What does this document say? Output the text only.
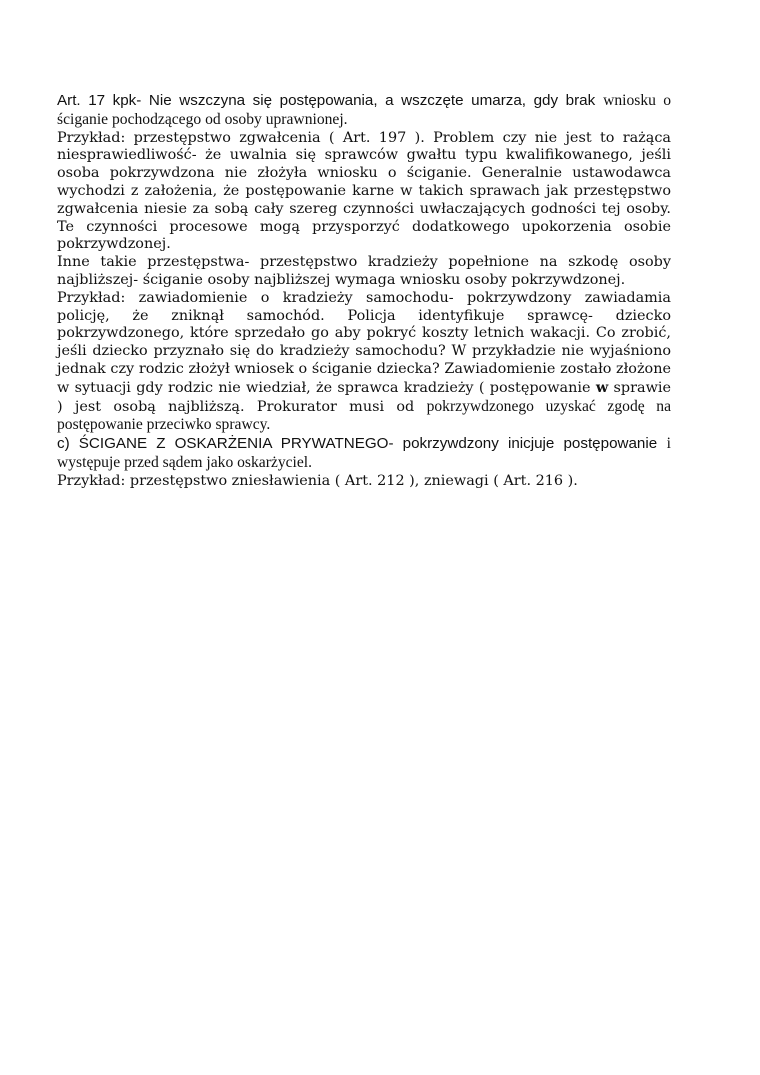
Art. 17 kpk- Nie wszczyna się postępowania, a wszczęte umarza, gdy brak wniosku o ściganie pochodzącego od osoby uprawnionej.

Przykład: przestępstwo zgwałcenia ( Art. 197 ). Problem czy nie jest to rażąca niesprawiedliwość- że uwalnia się sprawców gwałtu typu kwalifikowanego, jeśli osoba pokrzywdzona nie złożyła wniosku o ściganie. Generalnie ustawodawca wychodzi z założenia, że postępowanie karne w takich sprawach jak przestępstwo zgwałcenia niesie za sobą cały szereg czynności uwłaczających godności tej osoby. Te czynności procesowe mogą przysporzyć dodatkowego upokorzenia osobie pokrzywdzonej.

Inne takie przestępstwa- przestępstwo kradzieży popełnione na szkodę osoby najbliższej- ściganie osoby najbliższej wymaga wniosku osoby pokrzywdzonej.

Przykład: zawiadomienie o kradzieży samochodu- pokrzywdzony zawiadamia policję, że zniknął samochód. Policja identyfikuje sprawcę- dziecko pokrzywdzonego, które sprzedało go aby pokryć koszty letnich wakacji. Co zrobić, jeśli dziecko przyznało się do kradzieży samochodu? W przykładzie nie wyjaśniono jednak czy rodzic złożył wniosek o ściganie dziecka? Zawiadomienie zostało złożone w sytuacji gdy rodzic nie wiedział, że sprawca kradzieży ( postępowanie w sprawie ) jest osobą najbliższą. Prokurator musi od pokrzywdzonego uzyskać zgodę na postępowanie przeciwko sprawcy.

c) ŚCIGANE Z OSKARŻENIA PRYWATNEGO- pokrzywdzony inicjuje postępowanie i występuje przed sądem jako oskarżyciel.

Przykład: przestępstwo zniesławienia ( Art. 212 ), zniewagi ( Art. 216 ).
